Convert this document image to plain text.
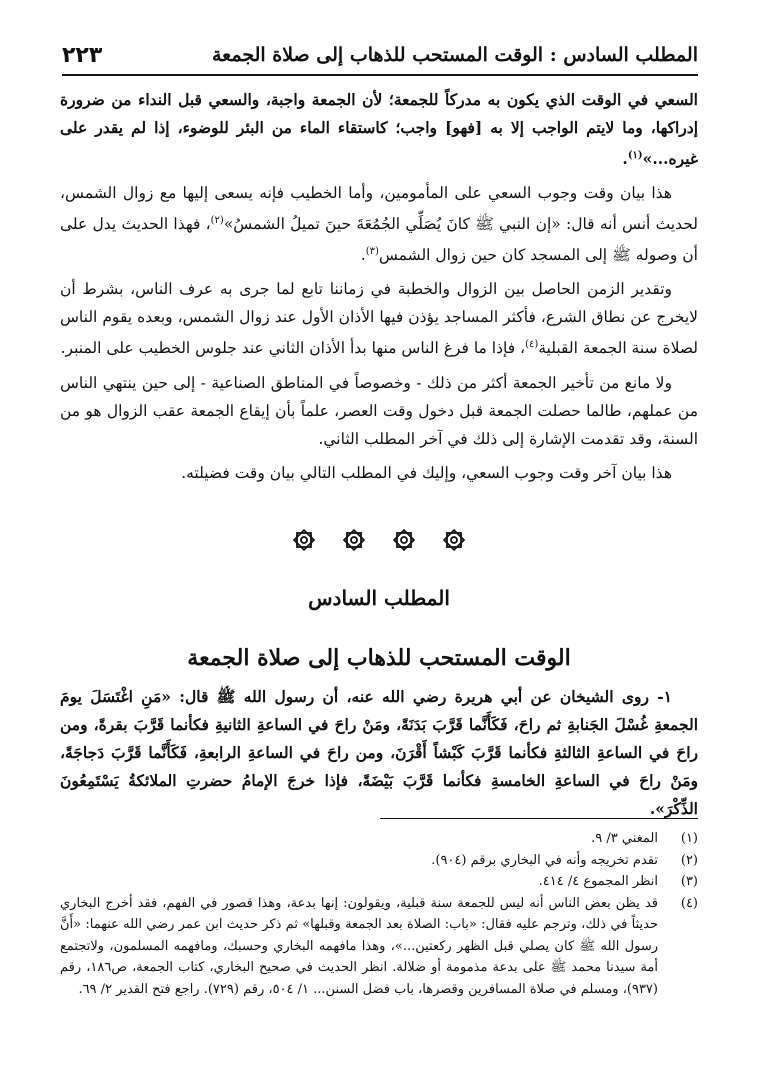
المطلب السادس : الوقت المستحب للذهاب إلى صلاة الجمعة
٢٢٣

السعي في الوقت الذي يكون به مدركاً للجمعة؛ لأن الجمعة واجبة، والسعي قبل النداء من ضرورة إدراكها، وما لايتم الواجب إلا به [فهو] واجب؛ كاستقاء الماء من البئر للوضوء، إذا لم يقدر على غيره...»$^{(١)}$.

هذا بيان وقت وجوب السعي على المأمومين، وأما الخطيب فإنه يسعى إليها مع زوال الشمس، لحديث أنس أنه قال: «إن النبي ﷺ كانَ يُصَلِّي الجُمُعَةَ حينَ تميلُ الشمسُ»$^{(٢)}$، فهذا الحديث يدل على أن وصوله ﷺ إلى المسجد كان حين زوال الشمس$^{(٣)}$.

وتقدير الزمن الحاصل بين الزوال والخطبة في زماننا تابع لما جرى به عرف الناس، بشرط أن لايخرج عن نطاق الشرع، فأكثر المساجد يؤذن فيها الأذان الأول عند زوال الشمس، وبعده يقوم الناس لصلاة سنة الجمعة القبلية$^{(٤)}$، فإذا ما فرغ الناس منها بدأ الأذان الثاني عند جلوس الخطيب على المنبر.

ولا مانع من تأخير الجمعة أكثر من ذلك - وخصوصاً في المناطق الصناعية - إلى حين ينتهي الناس من عملهم، طالما حصلت الجمعة قبل دخول وقت العصر، علماً بأن إيقاع الجمعة عقب الزوال هو من السنة، وقد تقدمت الإشارة إلى ذلك في آخر المطلب الثاني.

هذا بيان آخر وقت وجوب السعي، وإليك في المطلب التالي بيان وقت فضيلته.

المطلب السادس
الوقت المستحب للذهاب إلى صلاة الجمعة

١- روى الشيخان عن أبي هريرة رضي الله عنه، أن رسول الله ﷺ قال: «مَنِ اغْتَسَلَ يومَ الجمعةِ غُسْلَ الجَنابةِ ثم راحَ، فَكَأَنَّما قَرَّبَ بَدَنَةً، ومَنْ راحَ في الساعةِ الثانيةِ فكأنما قَرَّبَ بقرةً، ومن راحَ في الساعةِ الثالثةِ فكأنما قَرَّبَ كَبْشاً أَقْرَنَ، ومن راحَ في الساعةِ الرابعةِ، فَكَأَنَّما قَرَّبَ دَجاجَةً، ومَنْ راحَ في الساعةِ الخامسةِ فكأنما قَرَّبَ بَيْضَةً، فإذا خرجَ الإمامُ حضرتِ الملائكةُ يَسْتَمِعُونَ الذِّكْرَ».

(١)
المغني ٣/ ٩.
(٢)
تقدم تخريجه وأنه في البخاري برقم (٩٠٤).
(٣)
انظر المجموع ٤/ ٤١٤.
(٤)
قد يظن بعض الناس أنه ليس للجمعة سنة قبلية، ويقولون: إنها بدعة، وهذا قصور في الفهم، فقد أخرج البخاري حديثاً في ذلك، وترجم عليه فقال: «باب: الصلاة بعد الجمعة وقبلها» ثم ذكر حديث ابن عمر رضي الله عنهما: «أَنَّ رسول الله ﷺ كان يصلي قبل الظهر ركعتين...»، وهذا مافهمه البخاري وحسبك، ومافهمه المسلمون، ولاتجتمع أمة سيدنا محمد ﷺ على بدعة مذمومة أو ضلالة. انظر الحديث في صحيح البخاري، كتاب الجمعة، ص١٨٦، رقم (٩٣٧)، ومسلم في صلاة المسافرين وقصرها، باب فضل السنن... ١/ ٥٠٤، رقم (٧٢٩). راجع فتح القدير ٢/ ٦٩.
